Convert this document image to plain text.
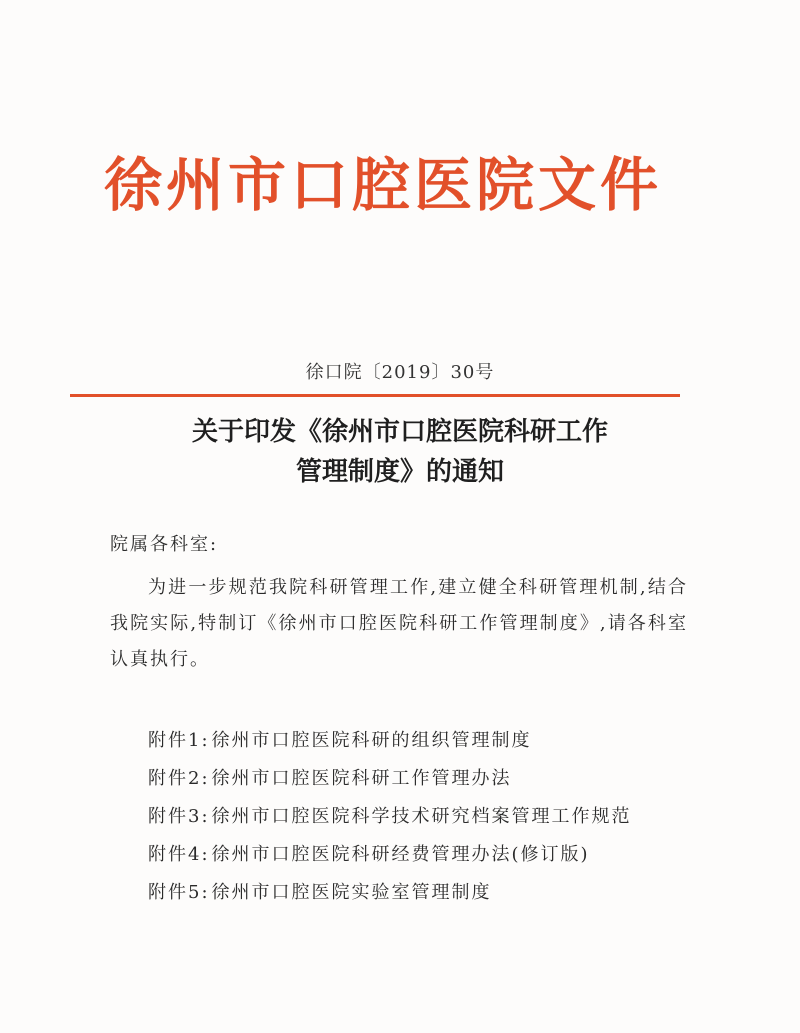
徐州市口腔医院文件
徐口院〔2019〕30号
关于印发《徐州市口腔医院科研工作
管理制度》的通知
院属各科室:
为进一步规范我院科研管理工作,建立健全科研管理机制,结合我院实际,特制订《徐州市口腔医院科研工作管理制度》,请各科室认真执行。
附件1: 徐州市口腔医院科研的组织管理制度
附件2: 徐州市口腔医院科研工作管理办法
附件3: 徐州市口腔医院科学技术研究档案管理工作规范
附件4: 徐州市口腔医院科研经费管理办法(修订版)
附件5: 徐州市口腔医院实验室管理制度
